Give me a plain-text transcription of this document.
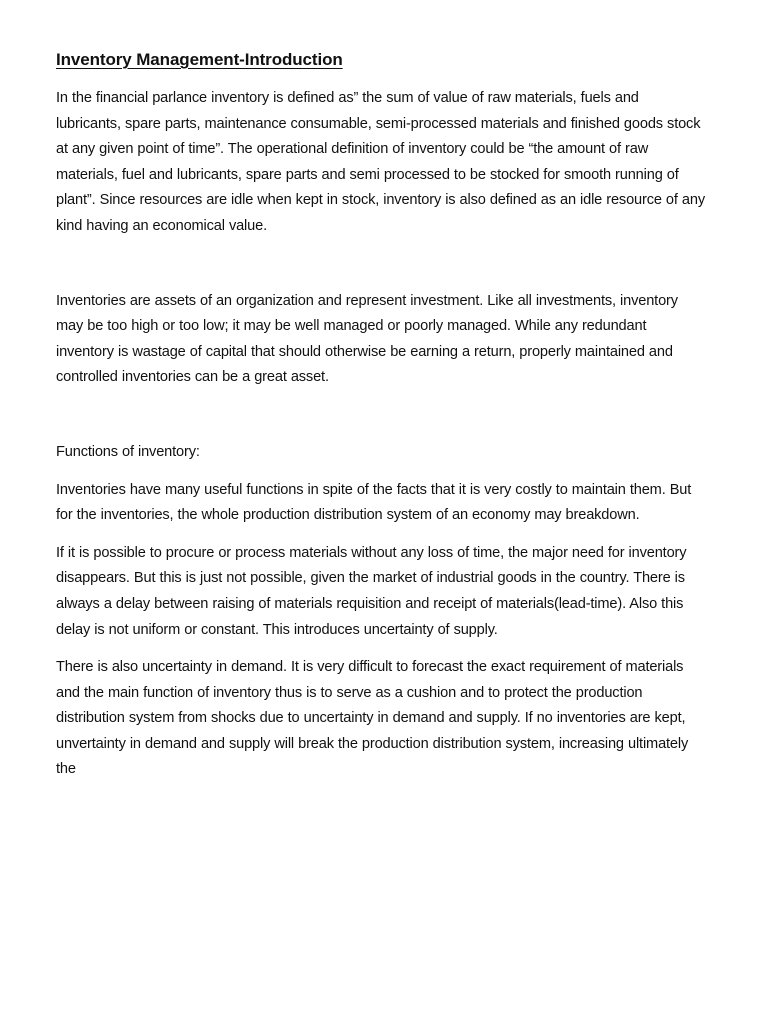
Inventory Management-Introduction

In the financial parlance inventory is defined as” the sum of value of raw materials, fuels and lubricants, spare parts, maintenance consumable, semi-processed materials and finished goods stock at any given point of time”. The operational definition of inventory could be “the amount of raw materials, fuel and lubricants, spare parts and semi processed to be stocked for smooth running of plant”. Since resources are idle when kept in stock, inventory is also defined as an idle resource of any kind having an economical value.

Inventories are assets of an organization and represent investment. Like all investments, inventory may be too high or too low; it may be well managed or poorly managed. While any redundant inventory is wastage of capital that should otherwise be earning a return, properly maintained and controlled inventories can be a great asset.

Functions of inventory:

Inventories have many useful functions in spite of the facts that it is very costly to maintain them. But for the inventories, the whole production distribution system of an economy may breakdown.

If it is possible to procure or process materials without any loss of time, the major need for inventory disappears. But this is just not possible, given the market of industrial goods in the country. There is always a delay between raising of materials requisition and receipt of materials(lead-time). Also this delay is not uniform or constant. This introduces uncertainty of supply.

There is also uncertainty in demand. It is very difficult to forecast the exact requirement of materials and the main function of inventory thus is to serve as a cushion and to protect the production distribution system from shocks due to uncertainty in demand and supply. If no inventories are kept, unvertainty in demand and supply will break the production distribution system, increasing ultimately the
